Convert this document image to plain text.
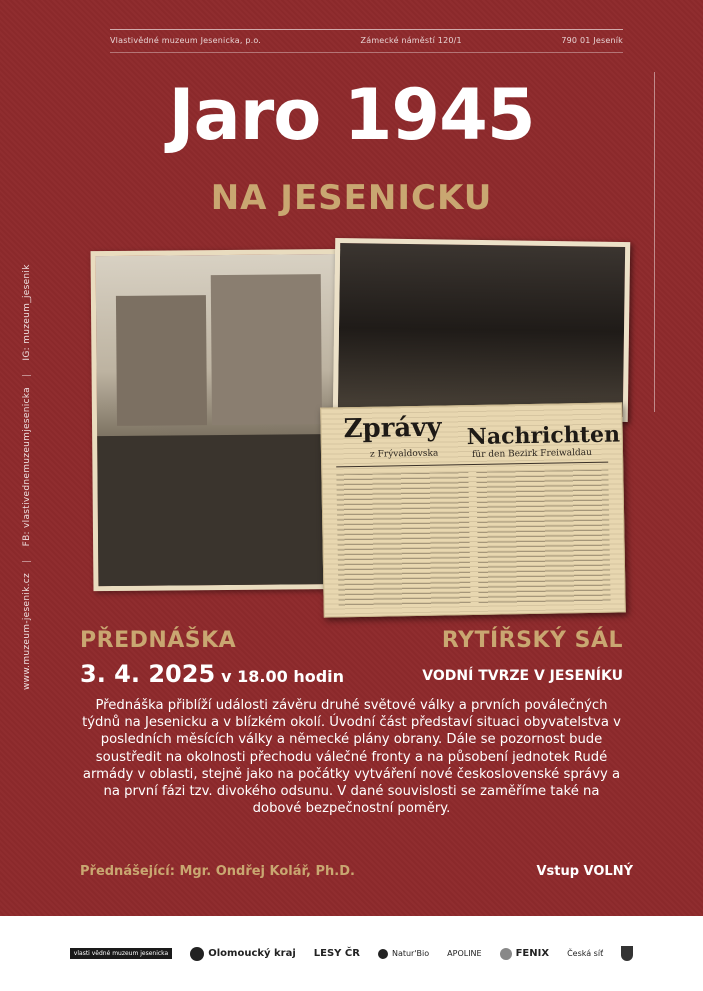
Vlastivědné muzeum Jesenicka, p.o.	Zámecké náměstí 120/1	790 01 Jeseník
www.muzeum-jesenik.cz| FB: vlastivednemuzeumjesenicka| IG: muzeum_jesenik
Jaro 1945
NA JESENICKU
Zprávy Nachrichten
z Frývaldovska	für den Bezirk Freiwaldau
PŘEDNÁŠKA	RYTÍŘSKÝ SÁL
3. 4. 2025 v 18.00 hodin	VODNÍ TVRZE V JESENÍKU
Přednáška přiblíží události závěru druhé světové války a prvních poválečných týdnů na Jesenicku a v blízkém okolí. Úvodní část představí situaci obyvatelstva v posledních měsících války a německé plány obrany. Dále se pozornost bude soustředit na okolnosti přechodu válečné fronty a na působení jednotek Rudé armády v oblasti, stejně jako na počátky vytváření nové československé správy a na první fázi tzv. divokého odsunu. V dané souvislosti se zaměříme také na dobové bezpečnostní poměry.
Přednášející: Mgr. Ondřej Kolář, Ph.D.	Vstup VOLNÝ
vlasti vědné muzeum jesenicka	Olomoucký kraj LESY ČR	Natur'Bio APOLINE	FENIX Česká síť
